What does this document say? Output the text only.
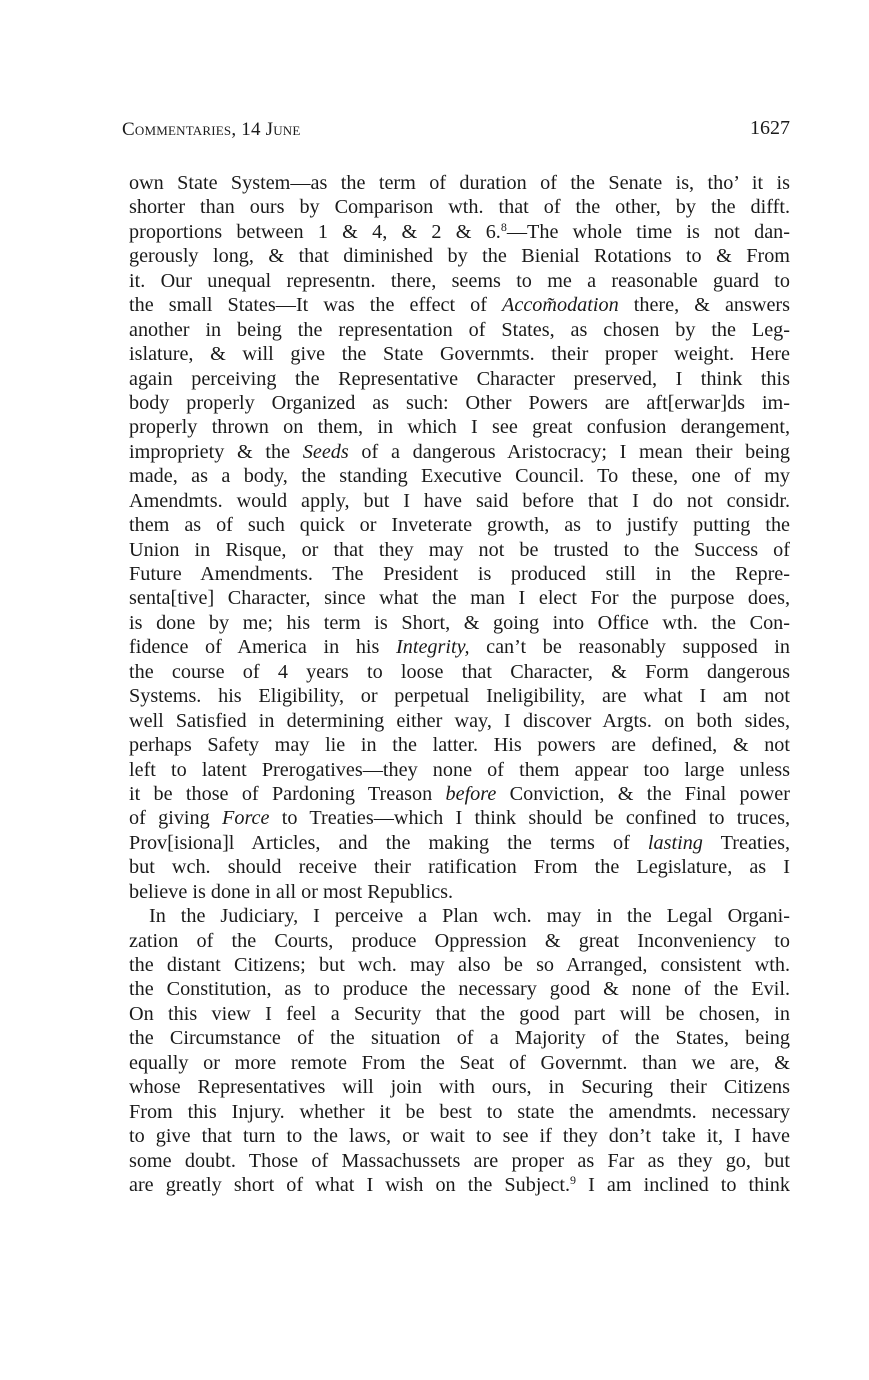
Commentaries, 14 June	1627
own State System—as the term of duration of the Senate is, tho’ it is
shorter than ours by Comparison wth. that of the other, by the difft.
proportions between 1 & 4, & 2 & 6.$^8$—The whole time is not dan-
gerously long, & that diminished by the Bienial Rotations to & From
it. Our unequal representn. there, seems to me a reasonable guard to
the small States—It was the effect of Accom̃odation there, & answers
another in being the representation of States, as chosen by the Leg-
islature, & will give the State Governmts. their proper weight. Here
again perceiving the Representative Character preserved, I think this
body properly Organized as such: Other Powers are aft[erwar]ds im-
properly thrown on them, in which I see great confusion derangement,
impropriety & the Seeds of a dangerous Aristocracy; I mean their being
made, as a body, the standing Executive Council. To these, one of my
Amendmts. would apply, but I have said before that I do not considr.
them as of such quick or Inveterate growth, as to justify putting the
Union in Risque, or that they may not be trusted to the Success of
Future Amendments. The President is produced still in the Repre-
senta[tive] Character, since what the man I elect For the purpose does,
is done by me; his term is Short, & going into Office wth. the Con-
fidence of America in his Integrity, can’t be reasonably supposed in
the course of 4 years to loose that Character, & Form dangerous
Systems. his Eligibility, or perpetual Ineligibility, are what I am not
well Satisfied in determining either way, I discover Argts. on both sides,
perhaps Safety may lie in the latter. His powers are defined, & not
left to latent Prerogatives—they none of them appear too large unless
it be those of Pardoning Treason before Conviction, & the Final power
of giving Force to Treaties—which I think should be confined to truces,
Prov[isiona]l Articles, and the making the terms of lasting Treaties,
but wch. should receive their ratification From the Legislature, as I
believe is done in all or most Republics.
In the Judiciary, I perceive a Plan wch. may in the Legal Organi-
zation of the Courts, produce Oppression & great Inconveniency to
the distant Citizens; but wch. may also be so Arranged, consistent wth.
the Constitution, as to produce the necessary good & none of the Evil.
On this view I feel a Security that the good part will be chosen, in
the Circumstance of the situation of a Majority of the States, being
equally or more remote From the Seat of Governmt. than we are, &
whose Representatives will join with ours, in Securing their Citizens
From this Injury. whether it be best to state the amendmts. necessary
to give that turn to the laws, or wait to see if they don’t take it, I have
some doubt. Those of Massachussets are proper as Far as they go, but
are greatly short of what I wish on the Subject.$^9$ I am inclined to think
